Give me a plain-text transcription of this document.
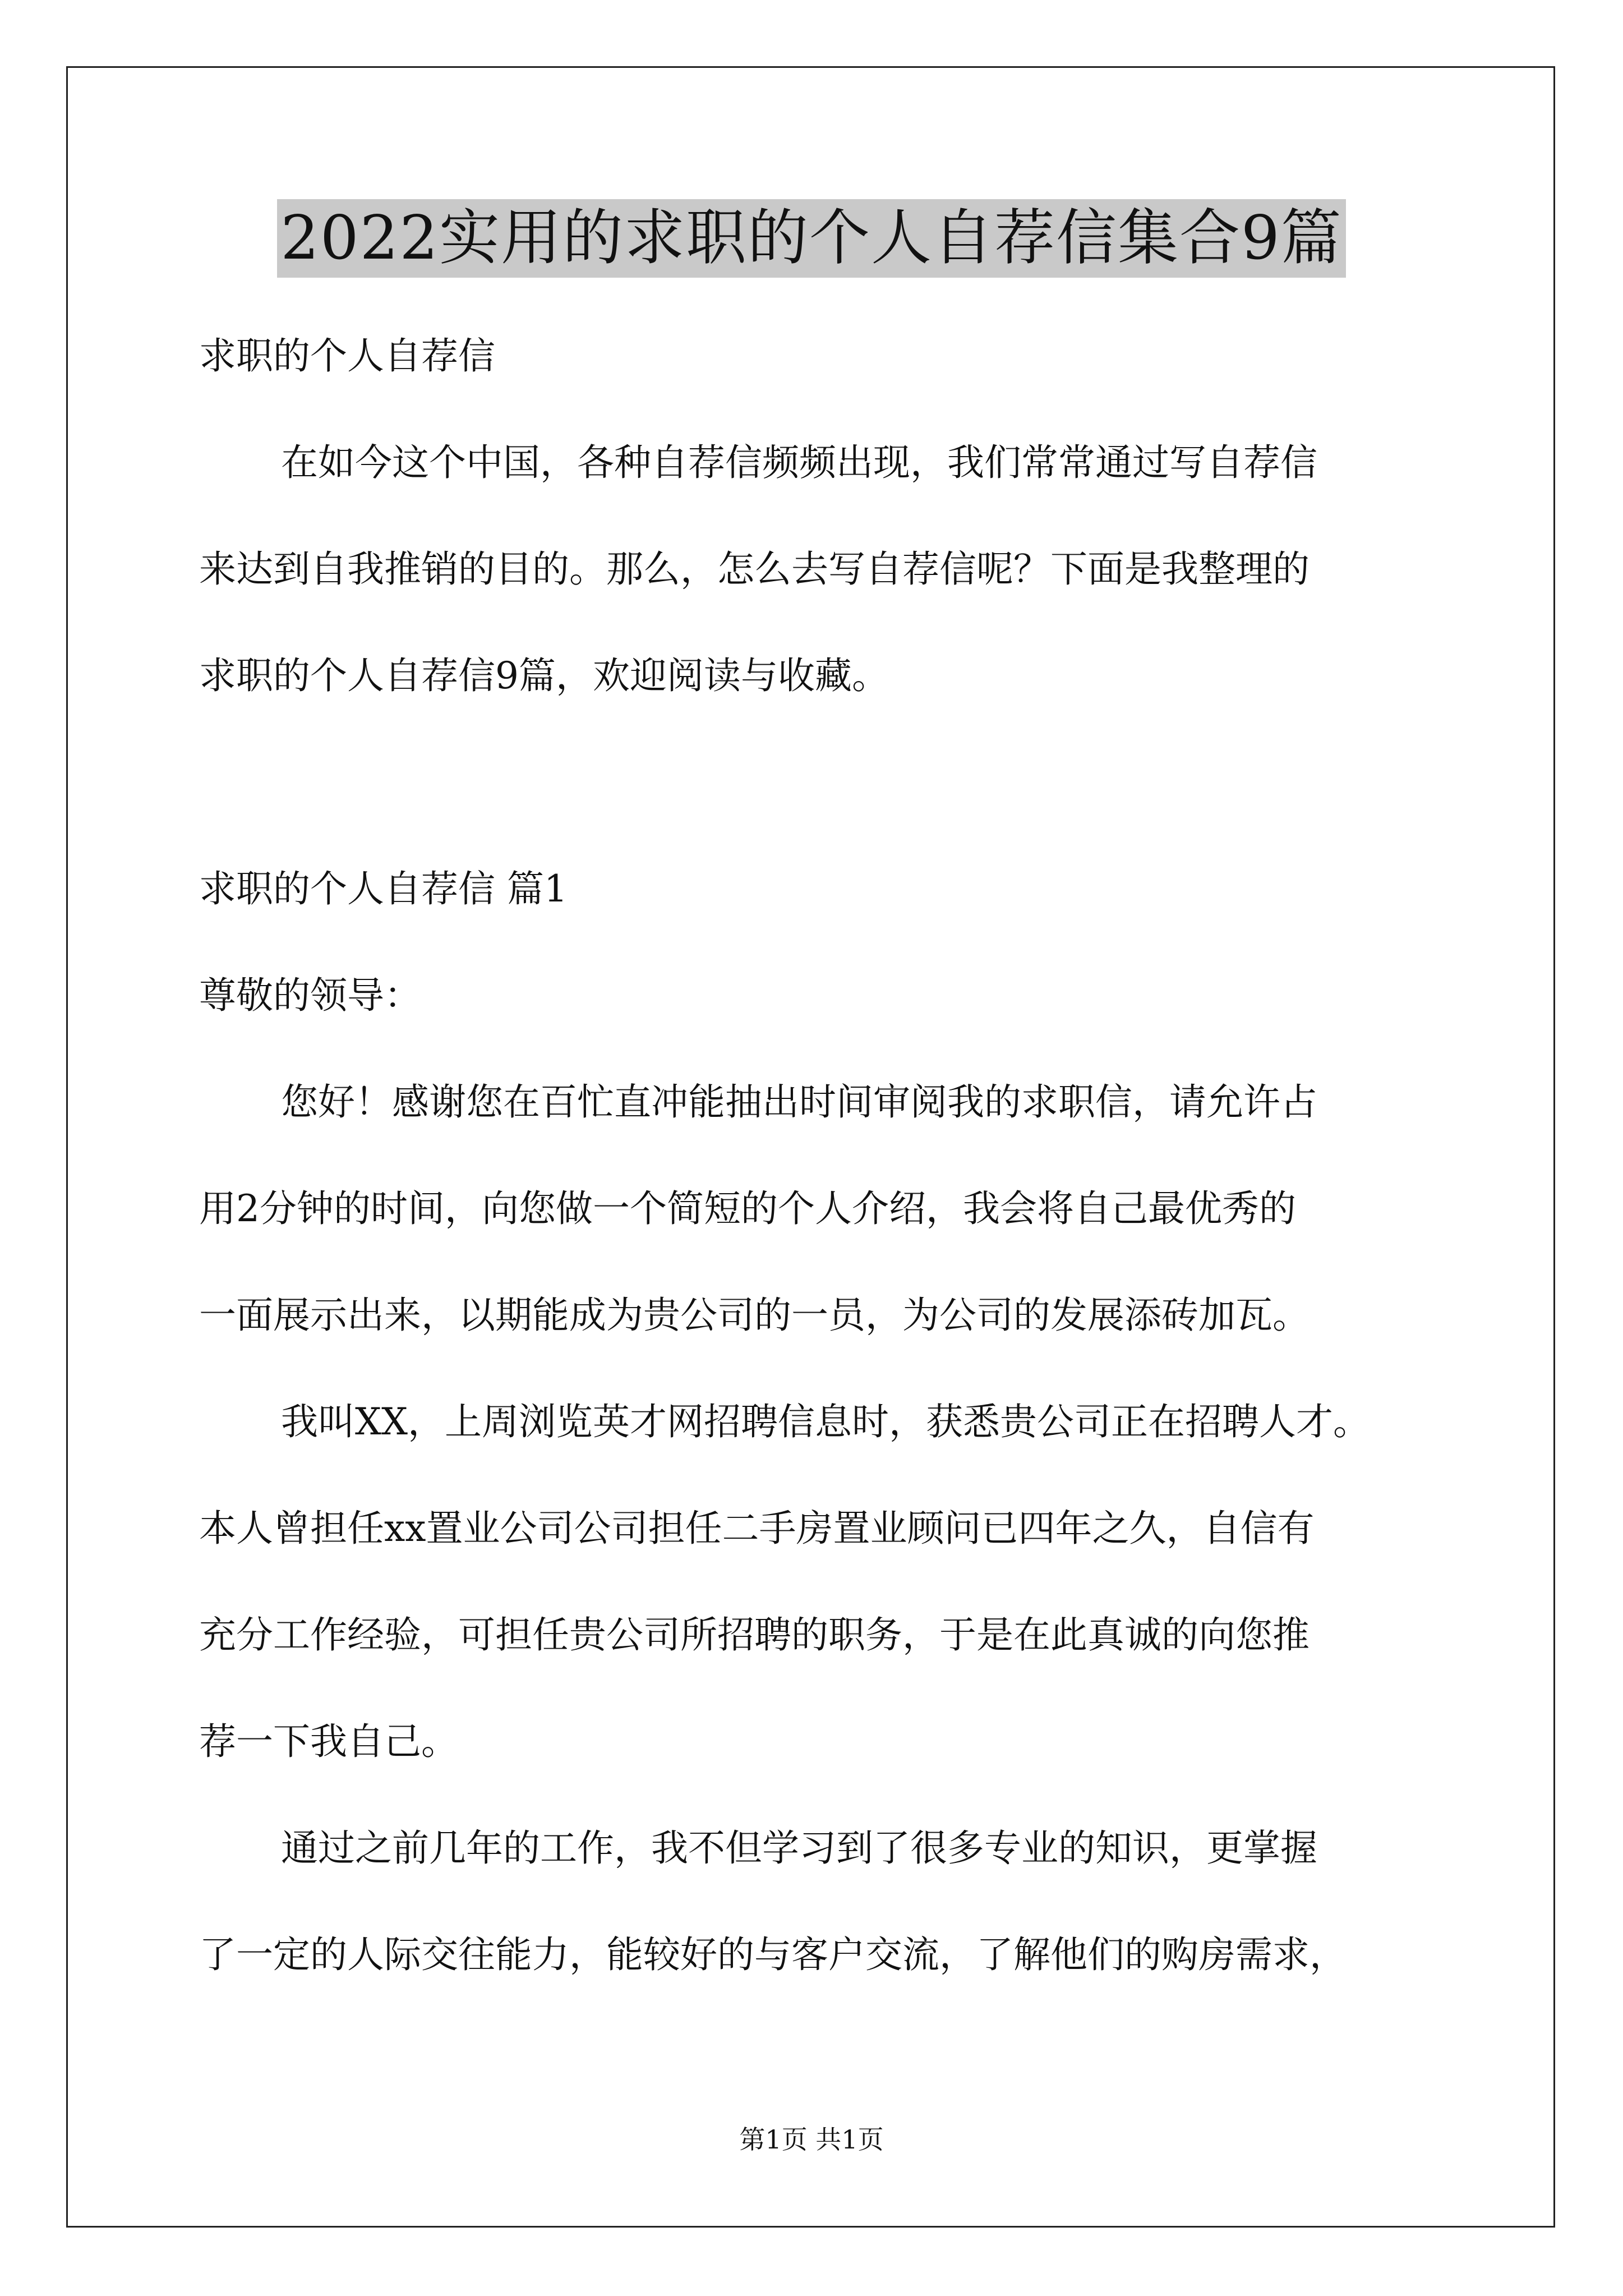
2022实用的求职的个人自荐信集合9篇
求职的个人自荐信
在如今这个中国，各种自荐信频频出现，我们常常通过写自荐信
来达到自我推销的目的。那么，怎么去写自荐信呢？下面是我整理的
求职的个人自荐信9篇，欢迎阅读与收藏。
求职的个人自荐信 篇1
尊敬的领导：
您好！感谢您在百忙直冲能抽出时间审阅我的求职信，请允许占
用2分钟的时间，向您做一个简短的个人介绍，我会将自己最优秀的
一面展示出来，以期能成为贵公司的一员，为公司的发展添砖加瓦。
我叫XX，上周浏览英才网招聘信息时，获悉贵公司正在招聘人才。
本人曾担任xx置业公司公司担任二手房置业顾问已四年之久，自信有
充分工作经验，可担任贵公司所招聘的职务，于是在此真诚的向您推
荐一下我自己。
通过之前几年的工作，我不但学习到了很多专业的知识，更掌握
了一定的人际交往能力，能较好的与客户交流，了解他们的购房需求，
第1页 共1页
